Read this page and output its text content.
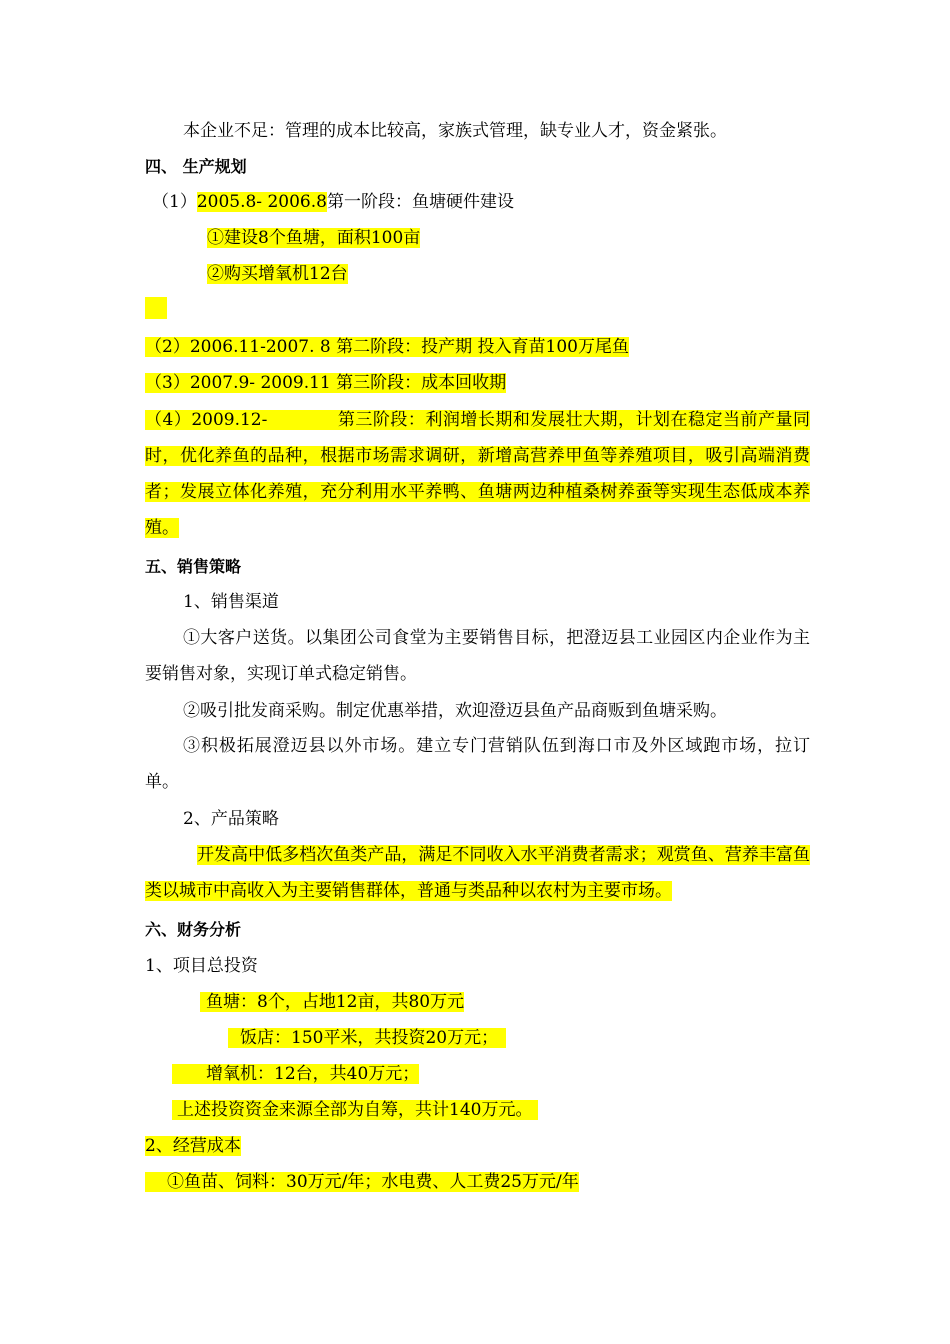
本企业不足：管理的成本比较高，家族式管理，缺专业人才，资金紧张。
四、 生产规划
（1）2005.8- 2006.8第一阶段：鱼塘硬件建设
①建设8个鱼塘，面积100亩
②购买增氧机12台
（2）2006.11-2007. 8 第二阶段：投产期 投入育苗100万尾鱼
（3）2007.9- 2009.11 第三阶段：成本回收期
（4）2009.12-　　　　第三阶段：利润增长期和发展壮大期，计划在稳定当前产量同时，优化养鱼的品种，根据市场需求调研，新增高营养甲鱼等养殖项目，吸引高端消费者；发展立体化养殖，充分利用水平养鸭、鱼塘两边种植桑树养蚕等实现生态低成本养殖。
五、销售策略
1、销售渠道
①大客户送货。以集团公司食堂为主要销售目标，把澄迈县工业园区内企业作为主要销售对象，实现订单式稳定销售。
②吸引批发商采购。制定优惠举措，欢迎澄迈县鱼产品商贩到鱼塘采购。
③积极拓展澄迈县以外市场。建立专门营销队伍到海口市及外区域跑市场，拉订单。
2、产品策略
开发高中低多档次鱼类产品，满足不同收入水平消费者需求；观赏鱼、营养丰富鱼类以城市中高收入为主要销售群体，普通与类品种以农村为主要市场。
六、财务分析
1、项目总投资
鱼塘：8个，占地12亩，共80万元
饭店：150平米，共投资20万元；
增氧机：12台，共40万元；
上述投资资金来源全部为自筹，共计140万元。
2、经营成本
①鱼苗、饲料：30万元/年；水电费、人工费25万元/年
